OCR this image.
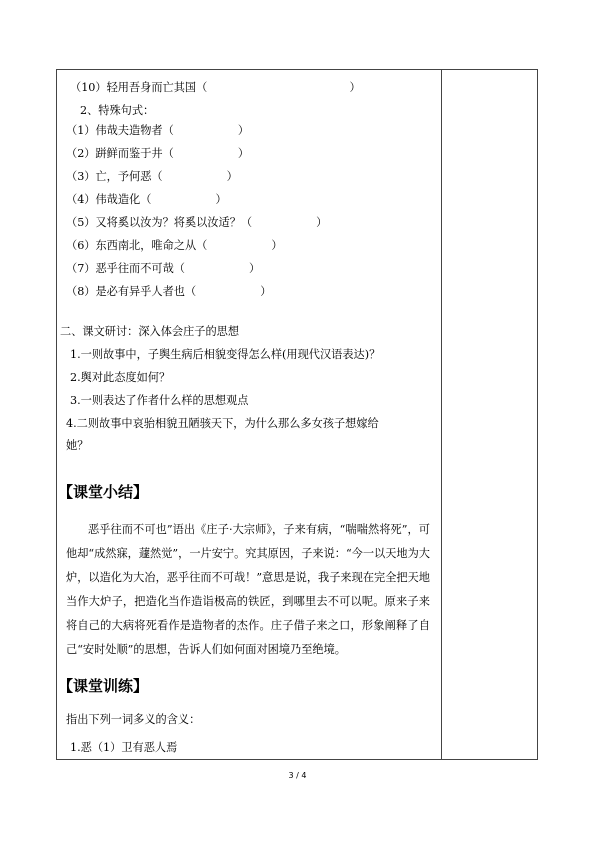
（10）轻用吾身而亡其国（                                        ）
2、特殊句式：
（1）伟哉夫造物者（                  ）
（2）跰鲜而鉴于井（                  ）
（3）亡，予何恶（                  ）
（4）伟哉造化（                  ）
（5）又将奚以汝为？将奚以汝适？（                  ）
（6）东西南北，唯命之从（                  ）
（7）恶乎往而不可哉（                  ）
（8）是必有异乎人者也（                  ）
二、课文研讨：深入体会庄子的思想
1.一则故事中，子舆生病后相貌变得怎么样(用现代汉语表达)？
2.舆对此态度如何？
3.一则表达了作者什么样的思想观点
4.二则故事中哀骀相貌丑陋骇天下，为什么那么多女孩子想嫁给
她？
【课堂小结】
恶乎往而不可也”语出《庄子·大宗师》，子来有病，“喘喘然将死”，可他却“成然寐，蘧然觉”，一片安宁。究其原因，子来说：“今一以天地为大炉，以造化为大冶，恶乎往而不可哉！”意思是说，我子来现在完全把天地当作大炉子，把造化当作造诣极高的铁匠，到哪里去不可以呢。原来子来将自己的大病将死看作是造物者的杰作。庄子借子来之口，形象阐释了自己“安时处顺”的思想，告诉人们如何面对困境乃至绝境。
【课堂训练】
指出下列一词多义的含义：
1.恶（1）卫有恶人焉
3 / 4
